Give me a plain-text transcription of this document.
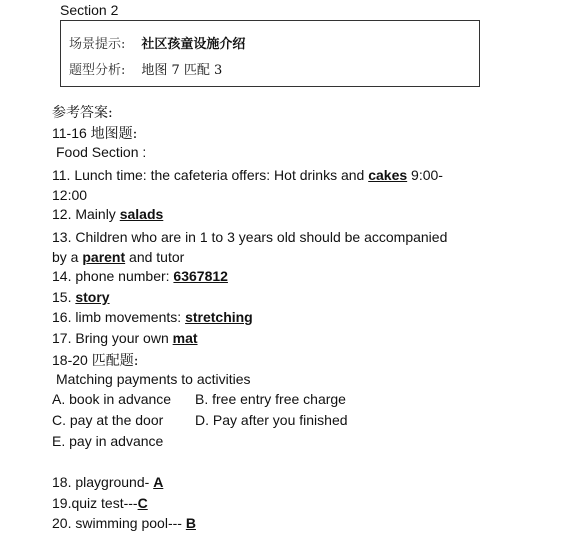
Section 2
场景提示: 社区孩童设施介绍
题型分析: 地图 7 匹配 3
参考答案:
11-16 地图题:
Food Section :
11. Lunch time: the cafeteria offers: Hot drinks and cakes 9:00-
12:00
12. Mainly salads
13. Children who are in 1 to 3 years old should be accompanied
by a parent and tutor
14. phone number: 6367812
15. story
16. limb movements: stretching
17. Bring your own mat
18-20 匹配题:
Matching payments to activities
A. book in advance B. free entry free charge
C. pay at the door D. Pay after you finished
E. pay in advance
18. playground- A
19.quiz test---C
20. swimming pool--- B
